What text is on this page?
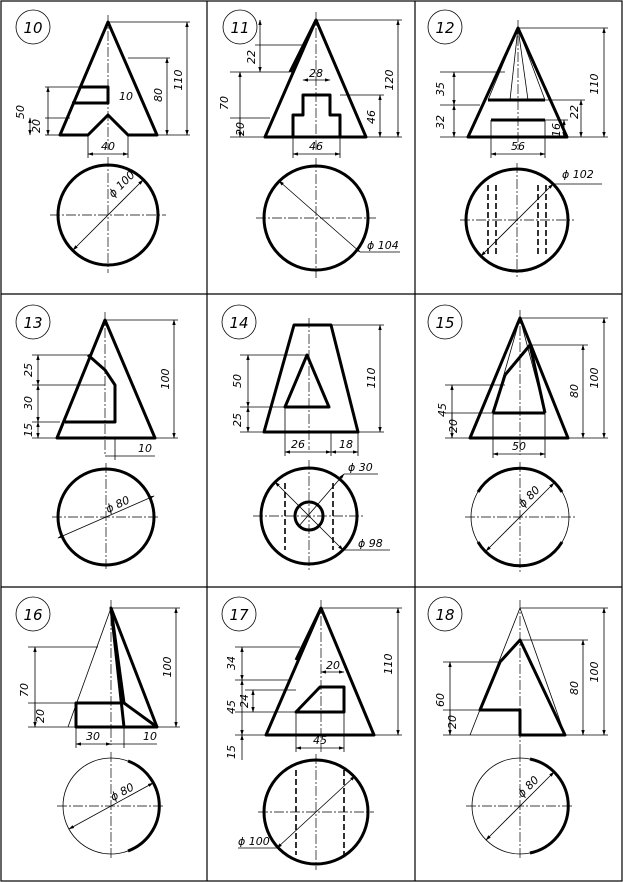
10
50
20
10 80
110
40
ϕ 100
11
22
70
20
28	120
46
46
ϕ 104
12
35
32
110
22
16
56
ϕ 102
13
25
30
15
100
10
ϕ 80
14
50
25
110
26	18
ϕ 30
ϕ 98
15
45
20
80
100
50
ϕ 80
16
70
20
100
30	10
ϕ 80
17
34
24
45
15
20	110
45
ϕ 100
18
60
20
80
100
ϕ 80
